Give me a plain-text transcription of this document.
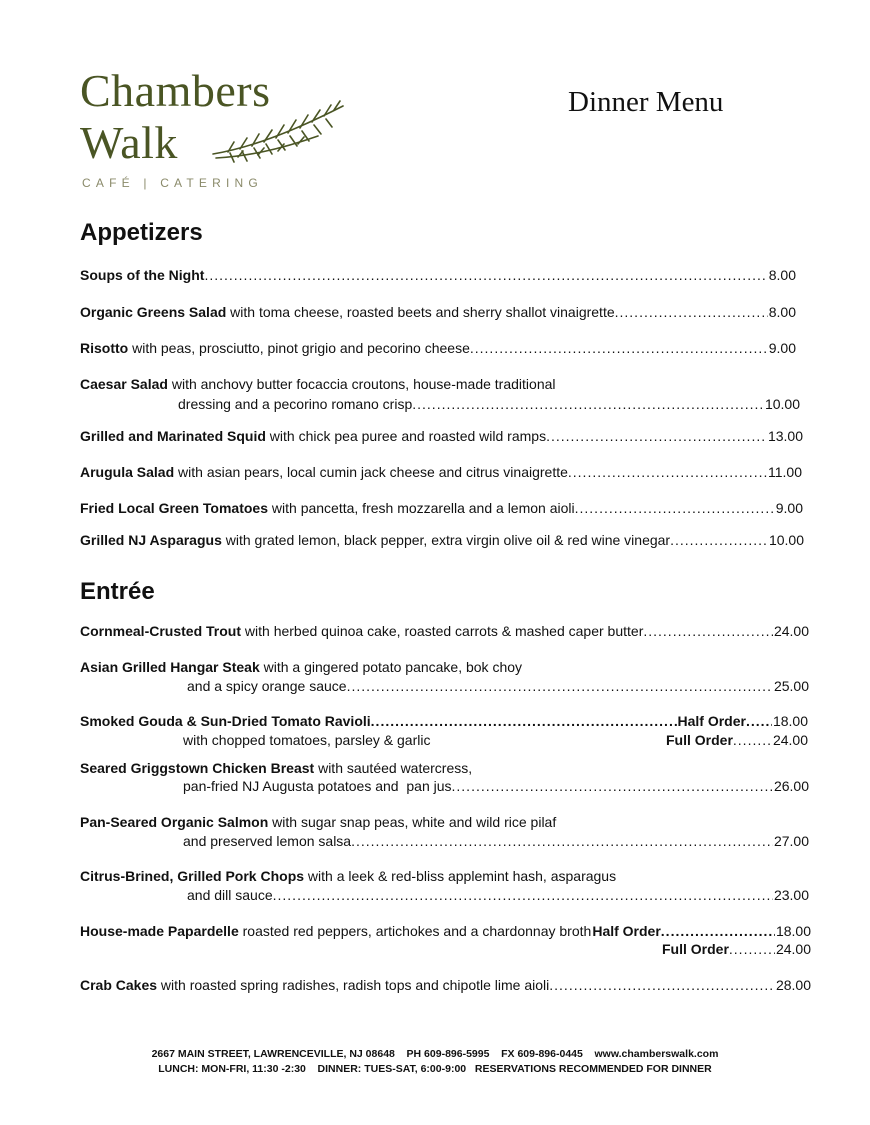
Chambers
Walk
CAFÉ | CATERING
Dinner Menu
Appetizers
Soups of the Night .....	8.00
Organic Greens Salad with toma cheese, roasted beets and sherry shallot vinaigrette .....	8.00
Risotto with peas, prosciutto, pinot grigio and pecorino cheese .....	9.00
Caesar Salad with anchovy butter focaccia croutons, house-made traditional
dressing and a pecorino romano crisp .....	10.00
Grilled and Marinated Squid with chick pea puree and roasted wild ramps .....	13.00
Arugula Salad with asian pears, local cumin jack cheese and citrus vinaigrette .....	11.00
Fried Local Green Tomatoes with pancetta, fresh mozzarella and a lemon aioli .....	9.00
Grilled NJ Asparagus with grated lemon, black pepper, extra virgin olive oil & red wine vinegar .....	10.00
Entrée
Cornmeal-Crusted Trout with herbed quinoa cake, roasted carrots & mashed caper butter .....	24.00
Asian Grilled Hangar Steak with a gingered potato pancake, bok choy
and a spicy orange sauce .....	25.00
Smoked Gouda & Sun-Dried Tomato Ravioli .....	Half Order ..... 18.00
with chopped tomatoes, parsley & garlic	Full Order .....	24.00
Seared Griggstown Chicken Breast with sautéed watercress,
pan-fried NJ Augusta potatoes and  pan jus .....	26.00
Pan-Seared Organic Salmon with sugar snap peas, white and wild rice pilaf
and preserved lemon salsa .....	27.00
Citrus-Brined, Grilled Pork Chops with a leek & red-bliss applemint hash, asparagus
and dill sauce .....	23.00
House-made Papardelle roasted red peppers, artichokes and a chardonnay broth Half Order .....	18.00
Full Order .....	24.00
Crab Cakes with roasted spring radishes, radish tops and chipotle lime aioli .....	28.00
2667 MAIN STREET, LAWRENCEVILLE, NJ 08648    PH 609-896-5995    FX 609-896-0445    www.chamberswalk.com
LUNCH: MON-FRI, 11:30 -2:30    DINNER: TUES-SAT, 6:00-9:00   RESERVATIONS RECOMMENDED FOR DINNER
